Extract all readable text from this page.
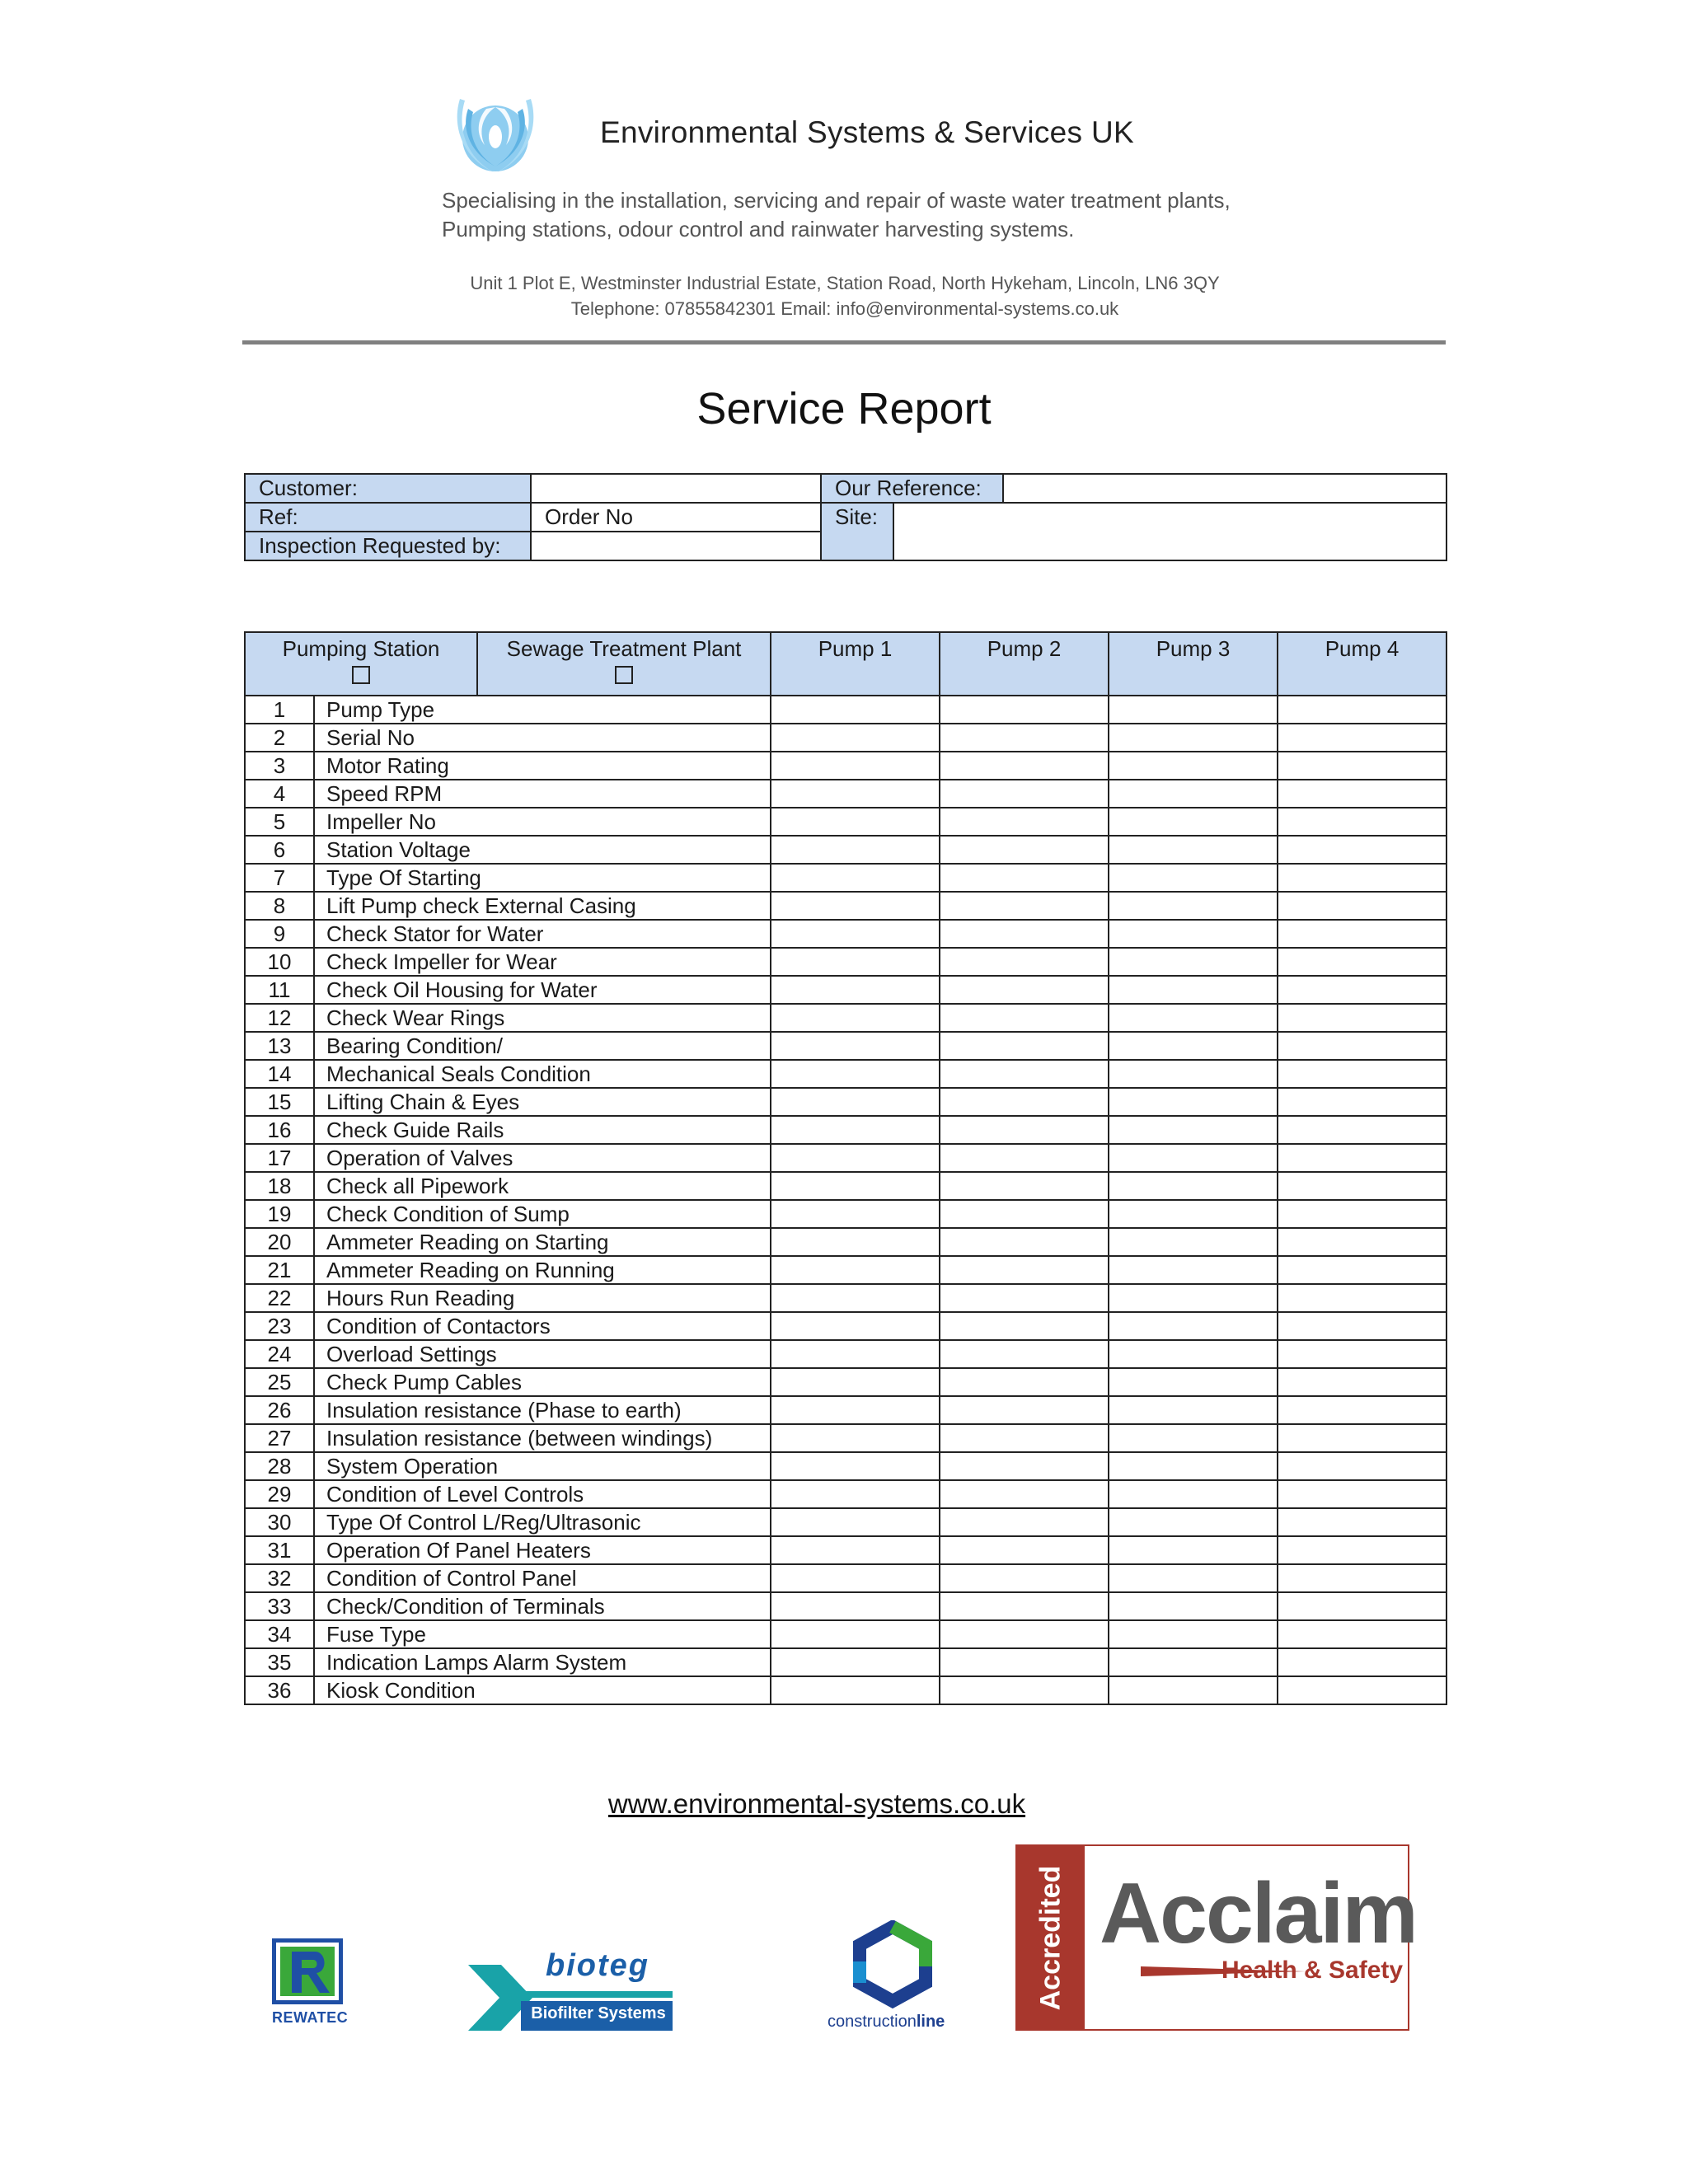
Environmental Systems & Services UK
Specialising in the installation, servicing and repair of waste water treatment plants,
Pumping stations, odour control and rainwater harvesting systems.
Unit 1 Plot E, Westminster Industrial Estate, Station Road, North Hykeham, Lincoln, LN6 3QY
Telephone: 07855842301 Email: info@environmental-systems.co.uk
Service Report
Customer:		Our Reference:		
Ref:	Order No	Site:		
Inspection Requested by:				
Pumping Station		Sewage Treatment Plant	Pump 1	Pump 2	Pump 3	Pump 4
1	Pump Type					
2	Serial No					
3	Motor Rating					
4	Speed RPM					
5	Impeller No					
6	Station Voltage					
7	Type Of Starting					
8	Lift Pump check External Casing					
9	Check Stator for Water					
10	Check Impeller for Wear					
11	Check Oil Housing for Water					
12	Check Wear Rings					
13	Bearing Condition/					
14	Mechanical Seals Condition					
15	Lifting Chain & Eyes					
16	Check Guide Rails					
17	Operation of Valves					
18	Check all Pipework					
19	Check Condition of Sump					
20	Ammeter Reading on Starting					
21	Ammeter Reading on Running					
22	Hours Run Reading					
23	Condition of Contactors					
24	Overload Settings					
25	Check Pump Cables					
26	Insulation resistance (Phase to earth)					
27	Insulation resistance (between windings)					
28	System Operation					
29	Condition of Level Controls					
30	Type Of Control L/Reg/Ultrasonic					
31	Operation Of Panel Heaters					
32	Condition of Control Panel					
33	Check/Condition of Terminals					
34	Fuse Type					
35	Indication Lamps Alarm System					
36	Kiosk Condition					
www.environmental-systems.co.uk
REWATEC
bioteg
Biofilter Systems	constructionline
Accredited Acclaim
Health & Safety
